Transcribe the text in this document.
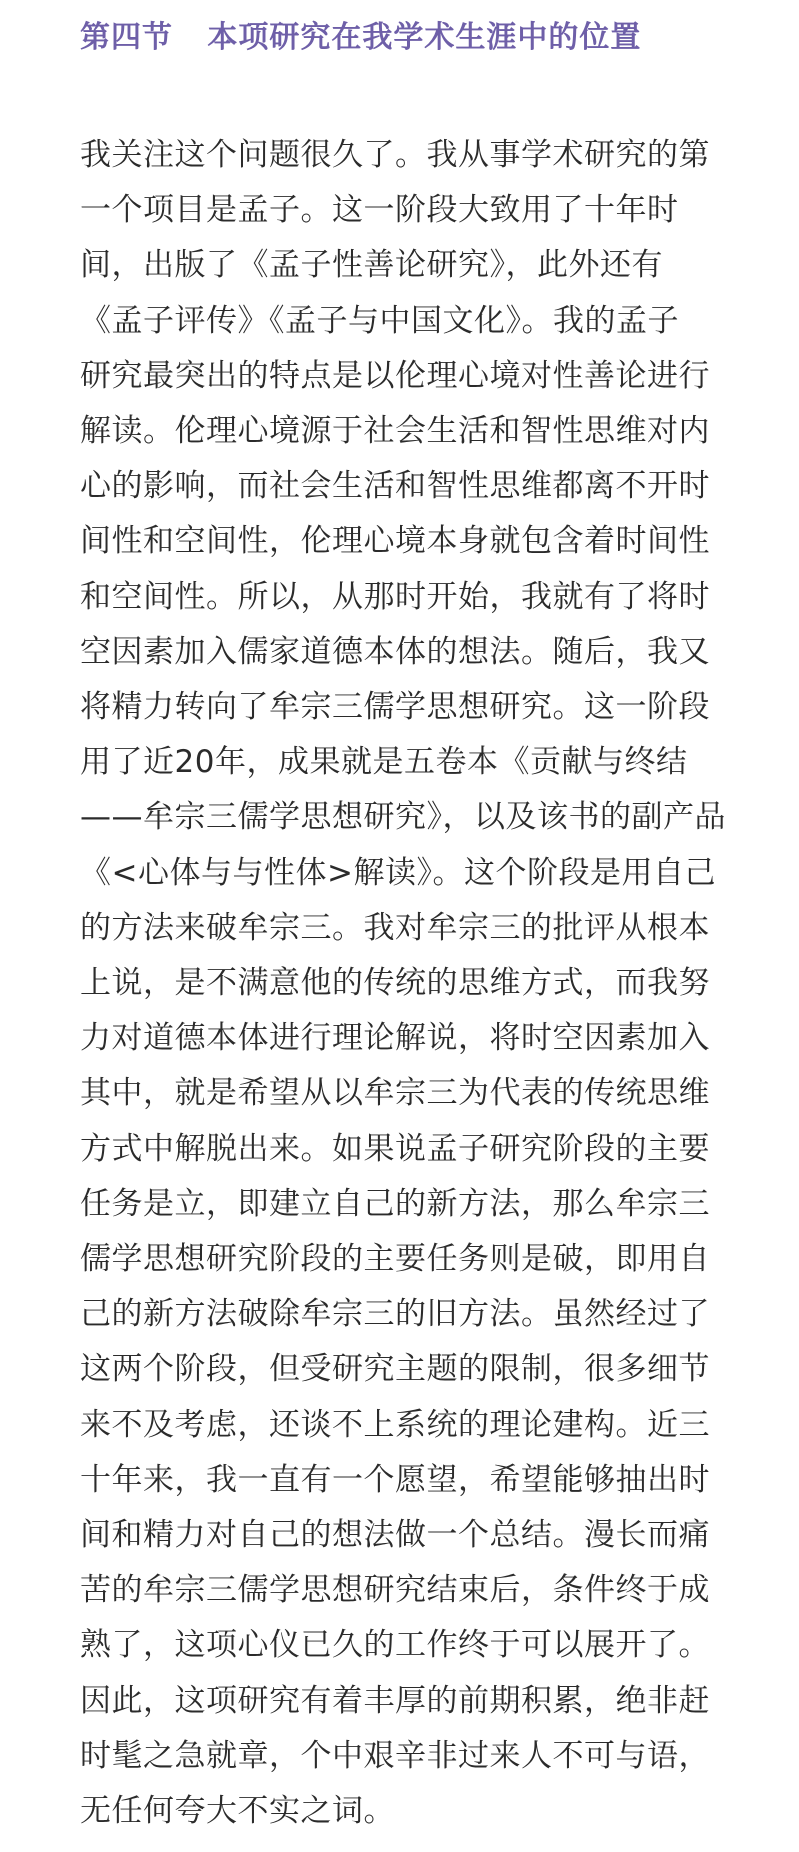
第四节   本项研究在我学术生涯中的位置
我关注这个问题很久了。我从事学术研究的第
一个项目是孟子。这一阶段大致用了十年时
间，出版了《孟子性善论研究》，此外还有
《孟子评传》《孟子与中国文化》。我的孟子
研究最突出的特点是以伦理心境对性善论进行
解读。伦理心境源于社会生活和智性思维对内
心的影响，而社会生活和智性思维都离不开时
间性和空间性，伦理心境本身就包含着时间性
和空间性。所以，从那时开始，我就有了将时
空因素加入儒家道德本体的想法。随后，我又
将精力转向了牟宗三儒学思想研究。这一阶段
用了近20年，成果就是五卷本《贡献与终结
——牟宗三儒学思想研究》，以及该书的副产品
《<心体与与性体>解读》。这个阶段是用自己
的方法来破牟宗三。我对牟宗三的批评从根本
上说，是不满意他的传统的思维方式，而我努
力对道德本体进行理论解说，将时空因素加入
其中，就是希望从以牟宗三为代表的传统思维
方式中解脱出来。如果说孟子研究阶段的主要
任务是立，即建立自己的新方法，那么牟宗三
儒学思想研究阶段的主要任务则是破，即用自
己的新方法破除牟宗三的旧方法。虽然经过了
这两个阶段，但受研究主题的限制，很多细节
来不及考虑，还谈不上系统的理论建构。近三
十年来，我一直有一个愿望，希望能够抽出时
间和精力对自己的想法做一个总结。漫长而痛
苦的牟宗三儒学思想研究结束后，条件终于成
熟了，这项心仪已久的工作终于可以展开了。
因此，这项研究有着丰厚的前期积累，绝非赶
时髦之急就章，个中艰辛非过来人不可与语，
无任何夸大不实之词。
